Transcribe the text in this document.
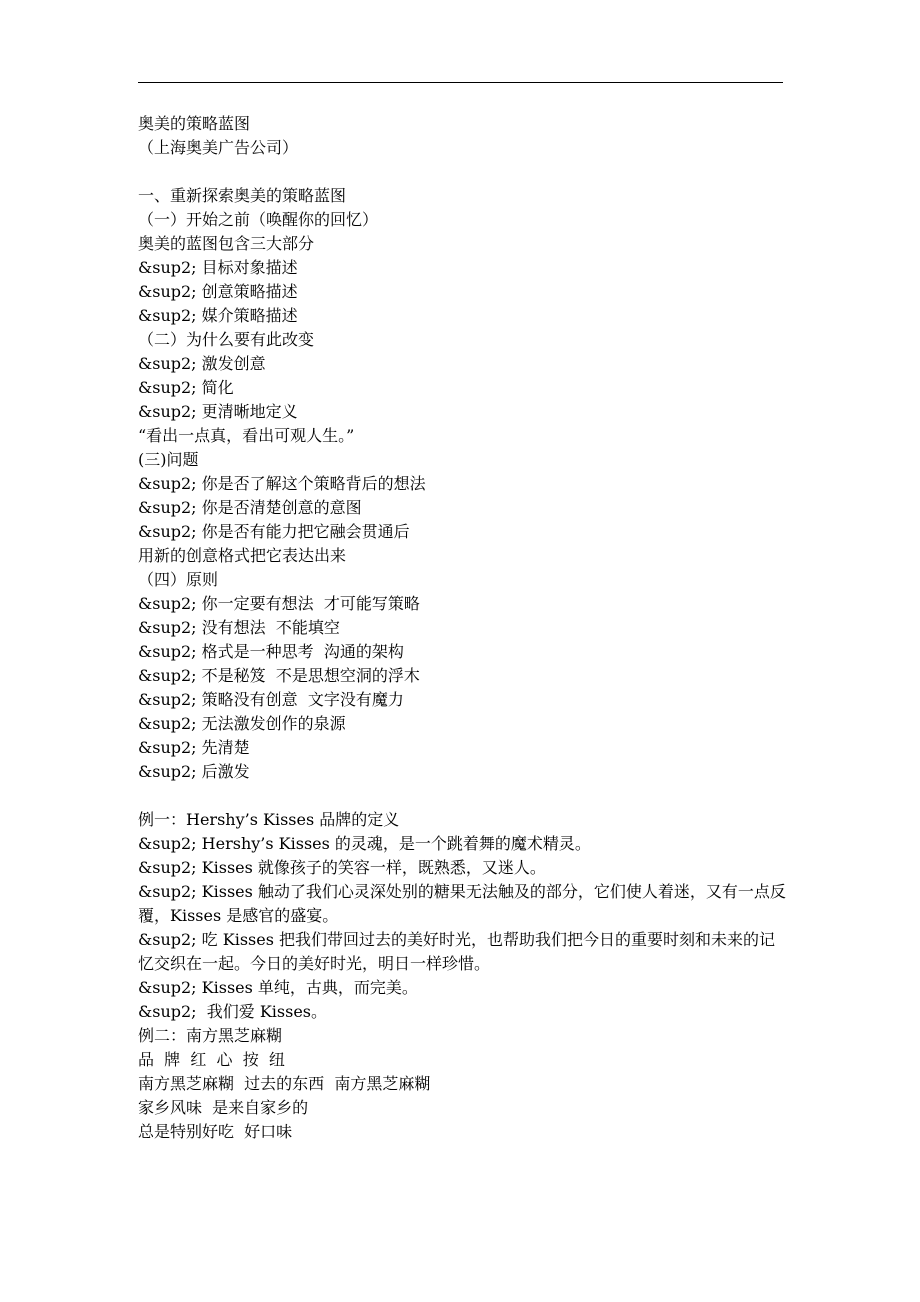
奥美的策略蓝图
（上海奥美广告公司）
一、重新探索奥美的策略蓝图
（一）开始之前（唤醒你的回忆）
奥美的蓝图包含三大部分
&sup2; 目标对象描述
&sup2; 创意策略描述
&sup2; 媒介策略描述
（二）为什么要有此改变
&sup2; 激发创意
&sup2; 简化
&sup2; 更清晰地定义
“看出一点真，看出可观人生。”
(三)问题
&sup2; 你是否了解这个策略背后的想法
&sup2; 你是否清楚创意的意图
&sup2; 你是否有能力把它融会贯通后
用新的创意格式把它表达出来
（四）原则
&sup2; 你一定要有想法  才可能写策略
&sup2; 没有想法  不能填空
&sup2; 格式是一种思考  沟通的架构
&sup2; 不是秘笈  不是思想空洞的浮木
&sup2; 策略没有创意  文字没有魔力
&sup2; 无法激发创作的泉源
&sup2; 先清楚
&sup2; 后激发
例一：Hershy’s Kisses 品牌的定义
&sup2; Hershy’s Kisses 的灵魂，是一个跳着舞的魔术精灵。
&sup2; Kisses 就像孩子的笑容一样，既熟悉，又迷人。
&sup2; Kisses 触动了我们心灵深处别的糖果无法触及的部分，它们使人着迷，又有一点反覆，Kisses 是感官的盛宴。
&sup2; 吃 Kisses 把我们带回过去的美好时光，也帮助我们把今日的重要时刻和未来的记忆交织在一起。今日的美好时光，明日一样珍惜。
&sup2; Kisses 单纯，古典，而完美。
&sup2;  我们爱 Kisses。
例二：南方黑芝麻糊
品  牌  红  心  按  纽
南方黑芝麻糊  过去的东西  南方黑芝麻糊
家乡风味  是来自家乡的
总是特别好吃  好口味
